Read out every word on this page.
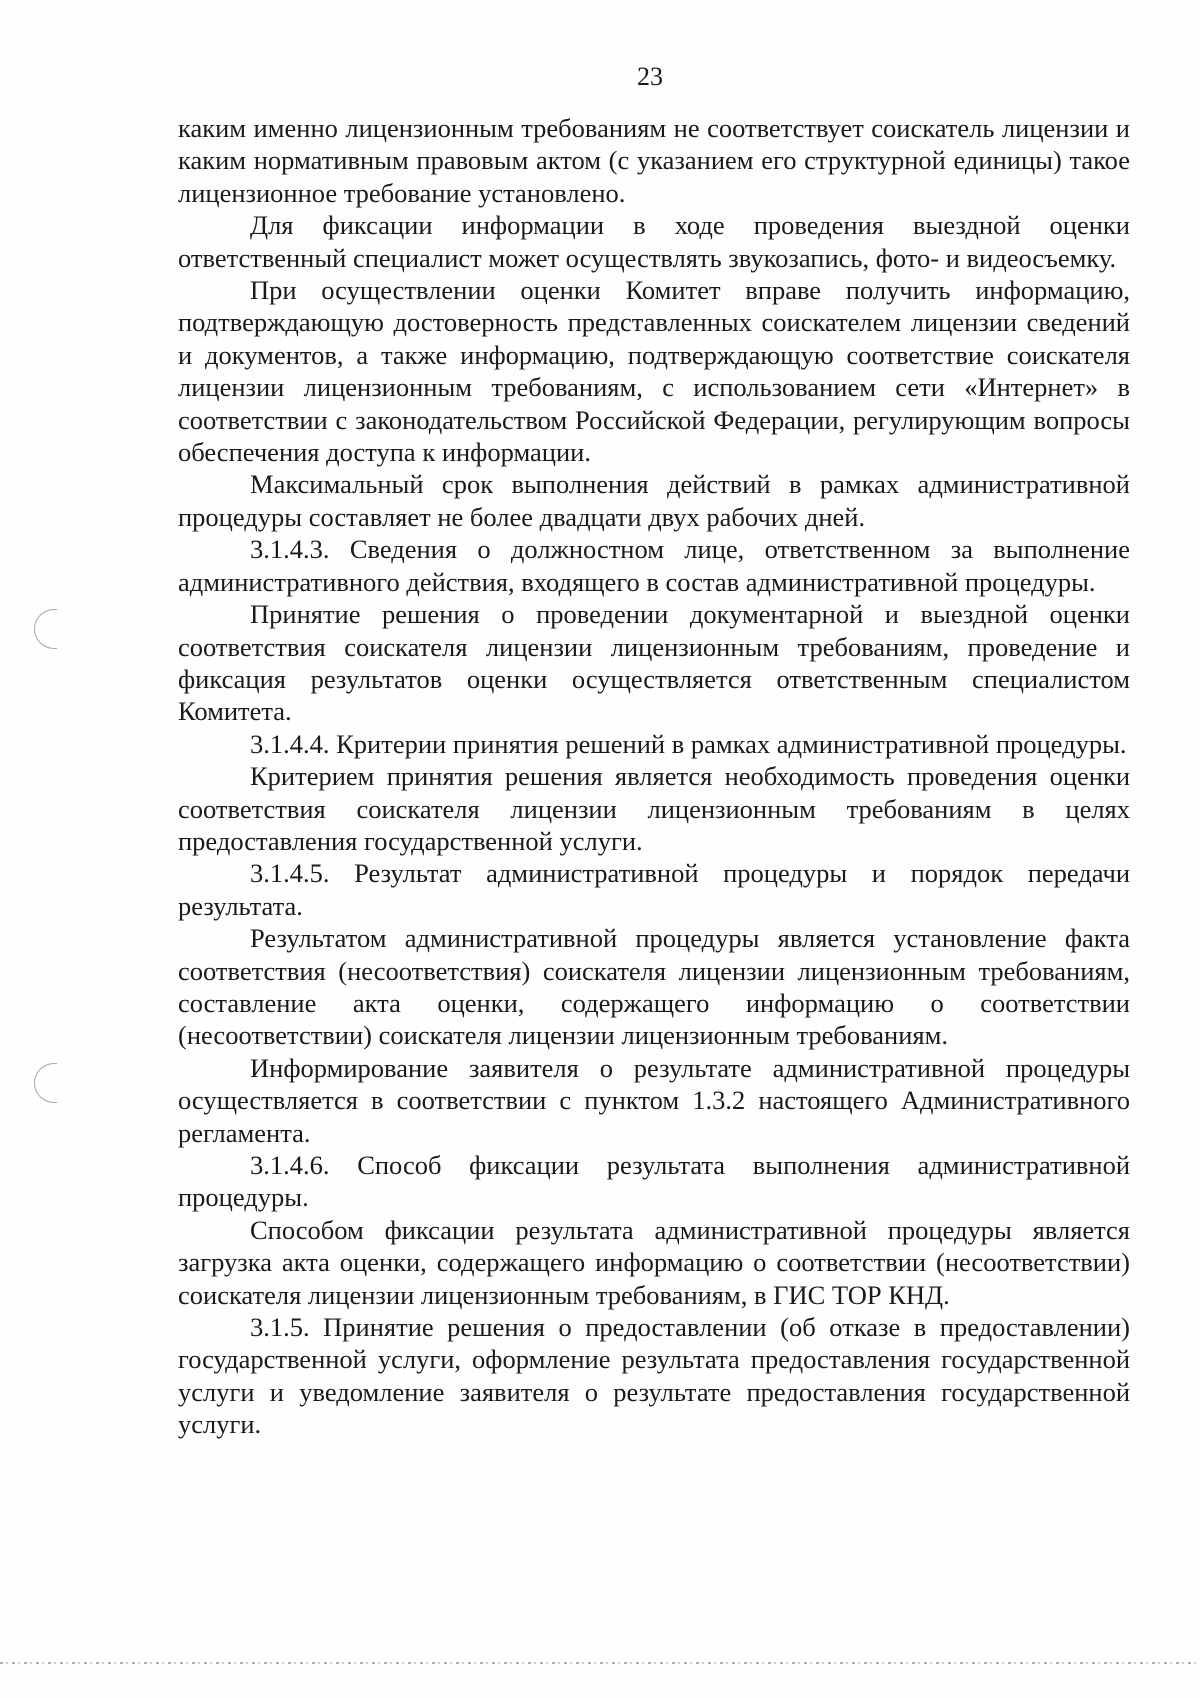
23

каким именно лицензионным требованиям не соответствует соискатель лицензии и каким нормативным правовым актом (с указанием его структурной единицы) такое лицензионное требование установлено.

Для фиксации информации в ходе проведения выездной оценки ответственный специалист может осуществлять звукозапись, фото- и видеосъемку.

При осуществлении оценки Комитет вправе получить информацию, подтверждающую достоверность представленных соискателем лицензии сведений и документов, а также информацию, подтверждающую соответствие соискателя лицензии лицензионным требованиям, с использованием сети «Интернет» в соответствии с законодательством Российской Федерации, регулирующим вопросы обеспечения доступа к информации.

Максимальный срок выполнения действий в рамках административной процедуры составляет не более двадцати двух рабочих дней.

3.1.4.3. Сведения о должностном лице, ответственном за выполнение административного действия, входящего в состав административной процедуры.

Принятие решения о проведении документарной и выездной оценки соответствия соискателя лицензии лицензионным требованиям, проведение и фиксация результатов оценки осуществляется ответственным специалистом Комитета.

3.1.4.4. Критерии принятия решений в рамках административной процедуры.

Критерием принятия решения является необходимость проведения оценки соответствия соискателя лицензии лицензионным требованиям в целях предоставления государственной услуги.

3.1.4.5. Результат административной процедуры и порядок передачи результата.

Результатом административной процедуры является установление факта соответствия (несоответствия) соискателя лицензии лицензионным требованиям, составление акта оценки, содержащего информацию о соответствии (несоответствии) соискателя лицензии лицензионным требованиям.

Информирование заявителя о результате административной процедуры осуществляется в соответствии с пунктом 1.3.2 настоящего Административного регламента.

3.1.4.6. Способ фиксации результата выполнения административной процедуры.

Способом фиксации результата административной процедуры является загрузка акта оценки, содержащего информацию о соответствии (несоответствии) соискателя лицензии лицензионным требованиям, в ГИС ТОР КНД.

3.1.5. Принятие решения о предоставлении (об отказе в предоставлении) государственной услуги, оформление результата предоставления государственной услуги и уведомление заявителя о результате предоставления государственной услуги.
